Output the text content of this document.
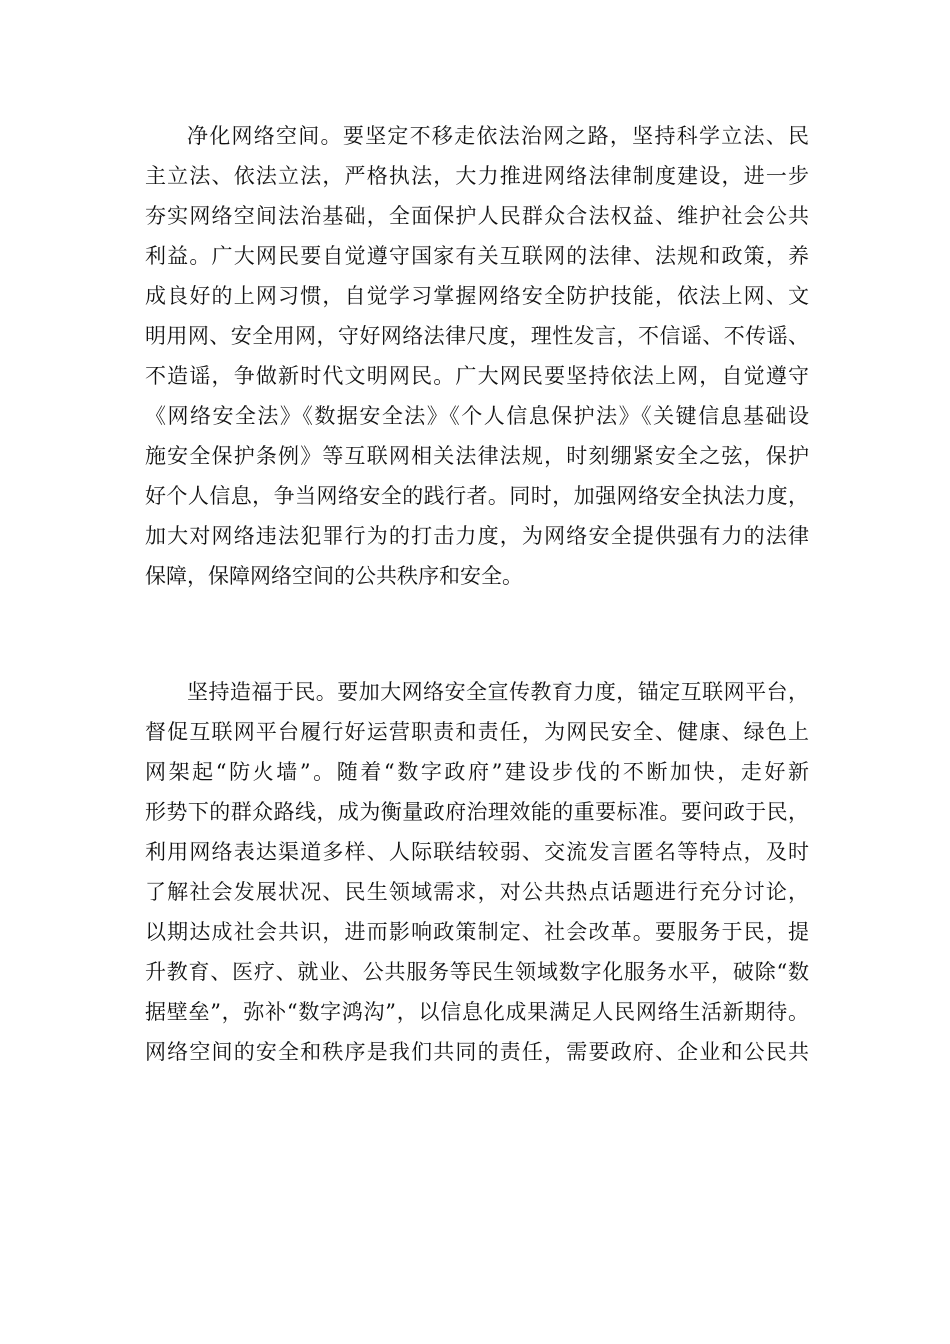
净化网络空间。要坚定不移走依法治网之路，坚持科学立法、民
主立法、依法立法，严格执法，大力推进网络法律制度建设，进一步
夯实网络空间法治基础，全面保护人民群众合法权益、维护社会公共
利益。广大网民要自觉遵守国家有关互联网的法律、法规和政策，养
成良好的上网习惯，自觉学习掌握网络安全防护技能，依法上网、文
明用网、安全用网，守好网络法律尺度，理性发言，不信谣、不传谣、
不造谣，争做新时代文明网民。广大网民要坚持依法上网，自觉遵守
《网络安全法》《数据安全法》《个人信息保护法》《关键信息基础设
施安全保护条例》等互联网相关法律法规，时刻绷紧安全之弦，保护
好个人信息，争当网络安全的践行者。同时，加强网络安全执法力度，
加大对网络违法犯罪行为的打击力度，为网络安全提供强有力的法律
保障，保障网络空间的公共秩序和安全。
坚持造福于民。要加大网络安全宣传教育力度，锚定互联网平台，
督促互联网平台履行好运营职责和责任，为网民安全、健康、绿色上
网架起“防火墙”。随着“数字政府”建设步伐的不断加快，走好新
形势下的群众路线，成为衡量政府治理效能的重要标准。要问政于民，
利用网络表达渠道多样、人际联结较弱、交流发言匿名等特点，及时
了解社会发展状况、民生领域需求，对公共热点话题进行充分讨论，
以期达成社会共识，进而影响政策制定、社会改革。要服务于民，提
升教育、医疗、就业、公共服务等民生领域数字化服务水平，破除“数
据壁垒”，弥补“数字鸿沟”，以信息化成果满足人民网络生活新期待。
网络空间的安全和秩序是我们共同的责任，需要政府、企业和公民共
